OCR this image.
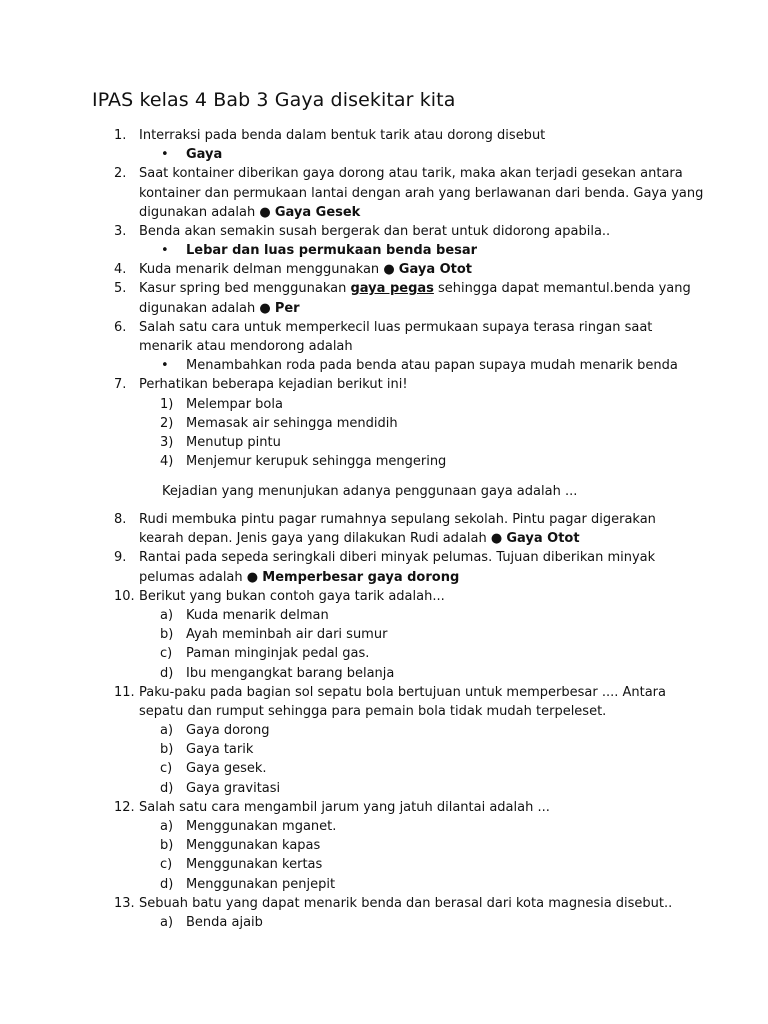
IPAS kelas 4 Bab 3 Gaya disekitar kita
1. Interraksi pada benda dalam bentuk tarik atau dorong disebut
• Gaya
2. Saat kontainer diberikan gaya dorong atau tarik, maka akan terjadi gesekan antara
kontainer dan permukaan lantai dengan arah yang berlawanan dari benda. Gaya yang
digunakan adalah ● Gaya Gesek
3. Benda akan semakin susah bergerak dan berat untuk didorong apabila..
• Lebar dan luas permukaan benda besar
4. Kuda menarik delman menggunakan ● Gaya Otot
5. Kasur spring bed menggunakan gaya pegas sehingga dapat memantul.benda yang
digunakan adalah ● Per
6. Salah satu cara untuk memperkecil luas permukaan supaya terasa ringan saat
menarik atau mendorong adalah
• Menambahkan roda pada benda atau papan supaya mudah menarik benda
7. Perhatikan beberapa kejadian berikut ini!
1) Melempar bola
2) Memasak air sehingga mendidih
3) Menutup pintu
4) Menjemur kerupuk sehingga mengering
Kejadian yang menunjukan adanya penggunaan gaya adalah ...
8. Rudi membuka pintu pagar rumahnya sepulang sekolah. Pintu pagar digerakan
kearah depan. Jenis gaya yang dilakukan Rudi adalah ● Gaya Otot
9. Rantai pada sepeda seringkali diberi minyak pelumas. Tujuan diberikan minyak
pelumas adalah ● Memperbesar gaya dorong
10. Berikut yang bukan contoh gaya tarik adalah...
a) Kuda menarik delman
b) Ayah meminbah air dari sumur
c) Paman minginjak pedal gas.
d) Ibu mengangkat barang belanja
11. Paku-paku pada bagian sol sepatu bola bertujuan untuk memperbesar .... Antara
sepatu dan rumput sehingga para pemain bola tidak mudah terpeleset.
a) Gaya dorong
b) Gaya tarik
c) Gaya gesek.
d) Gaya gravitasi
12. Salah satu cara mengambil jarum yang jatuh dilantai adalah ...
a) Menggunakan mganet.
b) Menggunakan kapas
c) Menggunakan kertas
d) Menggunakan penjepit
13. Sebuah batu yang dapat menarik benda dan berasal dari kota magnesia disebut..
a) Benda ajaib
